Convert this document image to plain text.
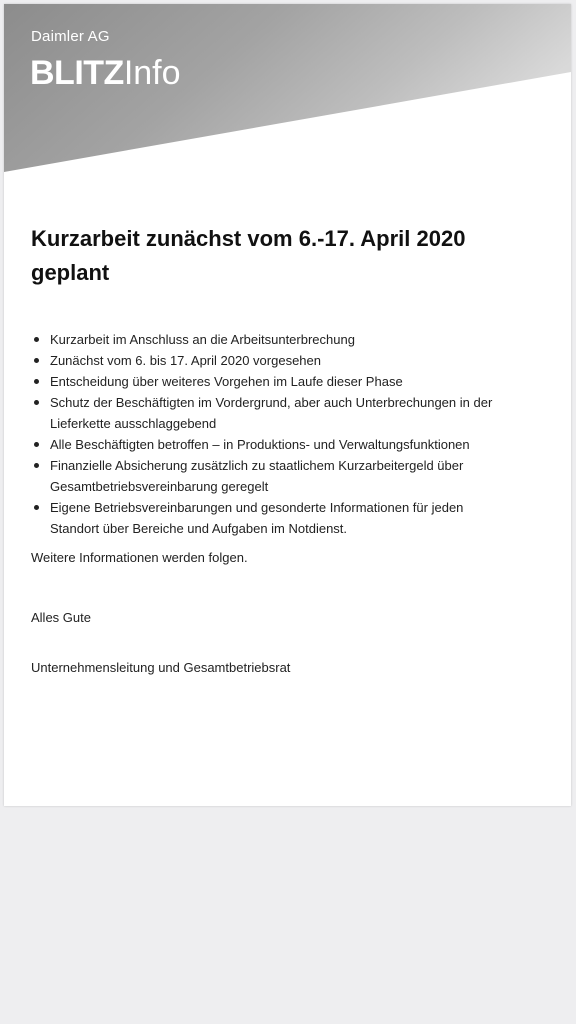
Daimler AG
BLITZInfo
Kurzarbeit zunächst vom 6.-17. April 2020 geplant
Kurzarbeit im Anschluss an die Arbeitsunterbrechung
Zunächst vom 6. bis 17. April 2020 vorgesehen
Entscheidung über weiteres Vorgehen im Laufe dieser Phase
Schutz der Beschäftigten im Vordergrund, aber auch Unterbrechungen in der Lieferkette ausschlaggebend
Alle Beschäftigten betroffen – in Produktions- und Verwaltungsfunktionen
Finanzielle Absicherung zusätzlich zu staatlichem Kurzarbeitergeld über Gesamtbetriebsvereinbarung geregelt
Eigene Betriebsvereinbarungen und gesonderte Informationen für jeden Standort über Bereiche und Aufgaben im Notdienst.

Weitere Informationen werden folgen.

Alles Gute

Unternehmensleitung und Gesamtbetriebsrat
